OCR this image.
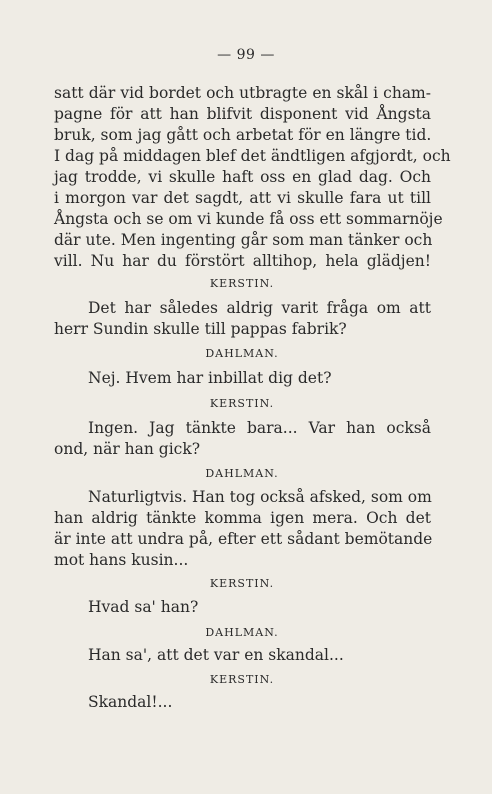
— 99 —
satt där vid bordet och utbragte en skål i cham-
pagne för att han blifvit disponent vid Ångsta
bruk, som jag gått och arbetat för en längre tid.
I dag på middagen blef det ändtligen afgjordt, och
jag trodde, vi skulle haft oss en glad dag. Och
i morgon var det sagdt, att vi skulle fara ut till
Ångsta och se om vi kunde få oss ett sommarnöje
där ute. Men ingenting går som man tänker och
vill. Nu har du förstört alltihop, hela glädjen!
KERSTIN.
Det har således aldrig varit fråga om att
herr Sundin skulle till pappas fabrik?
DAHLMAN.
Nej. Hvem har inbillat dig det?
KERSTIN.
Ingen. Jag tänkte bara... Var han också
ond, när han gick?
DAHLMAN.
Naturligtvis. Han tog också afsked, som om
han aldrig tänkte komma igen mera. Och det
är inte att undra på, efter ett sådant bemötande
mot hans kusin...
KERSTIN.
Hvad sa' han?
DAHLMAN.
Han sa', att det var en skandal...
KERSTIN.
Skandal!...
